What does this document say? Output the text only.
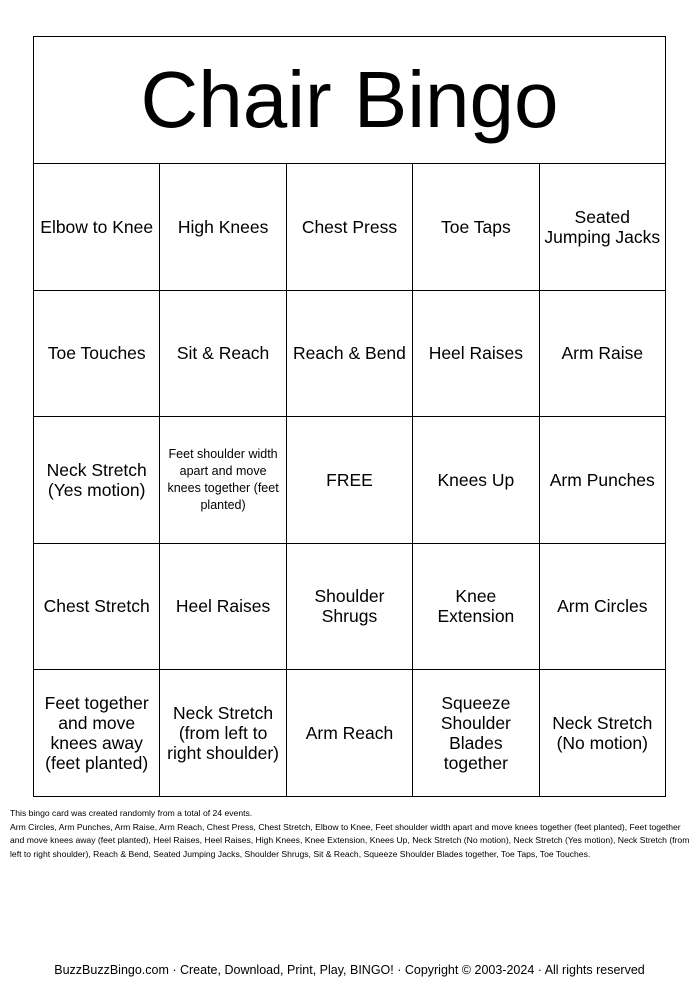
Chair Bingo				
Elbow to Knee	High Knees	Chest Press	Toe Taps	Seated Jumping Jacks
Toe Touches	Sit & Reach	Reach & Bend	Heel Raises	Arm Raise
Neck Stretch (Yes motion)	Feet shoulder width apart and move knees together (feet planted)	FREE	Knees Up	Arm Punches
Chest Stretch	Heel Raises	Shoulder Shrugs	Knee Extension	Arm Circles
Feet together and move knees away (feet planted)	Neck Stretch (from left to right shoulder)	Arm Reach	Squeeze Shoulder Blades together	Neck Stretch (No motion)

This bingo card was created randomly from a total of 24 events.

Arm Circles, Arm Punches, Arm Raise, Arm Reach, Chest Press, Chest Stretch, Elbow to Knee, Feet shoulder width apart and move knees together (feet planted), Feet together and move knees away (feet planted), Heel Raises, Heel Raises, High Knees, Knee Extension, Knees Up, Neck Stretch (No motion), Neck Stretch (Yes motion), Neck Stretch (from left to right shoulder), Reach & Bend, Seated Jumping Jacks, Shoulder Shrugs, Sit & Reach, Squeeze Shoulder Blades together, Toe Taps, Toe Touches.

BuzzBuzzBingo.com · Create, Download, Print, Play, BINGO! · Copyright © 2003-2024 · All rights reserved
